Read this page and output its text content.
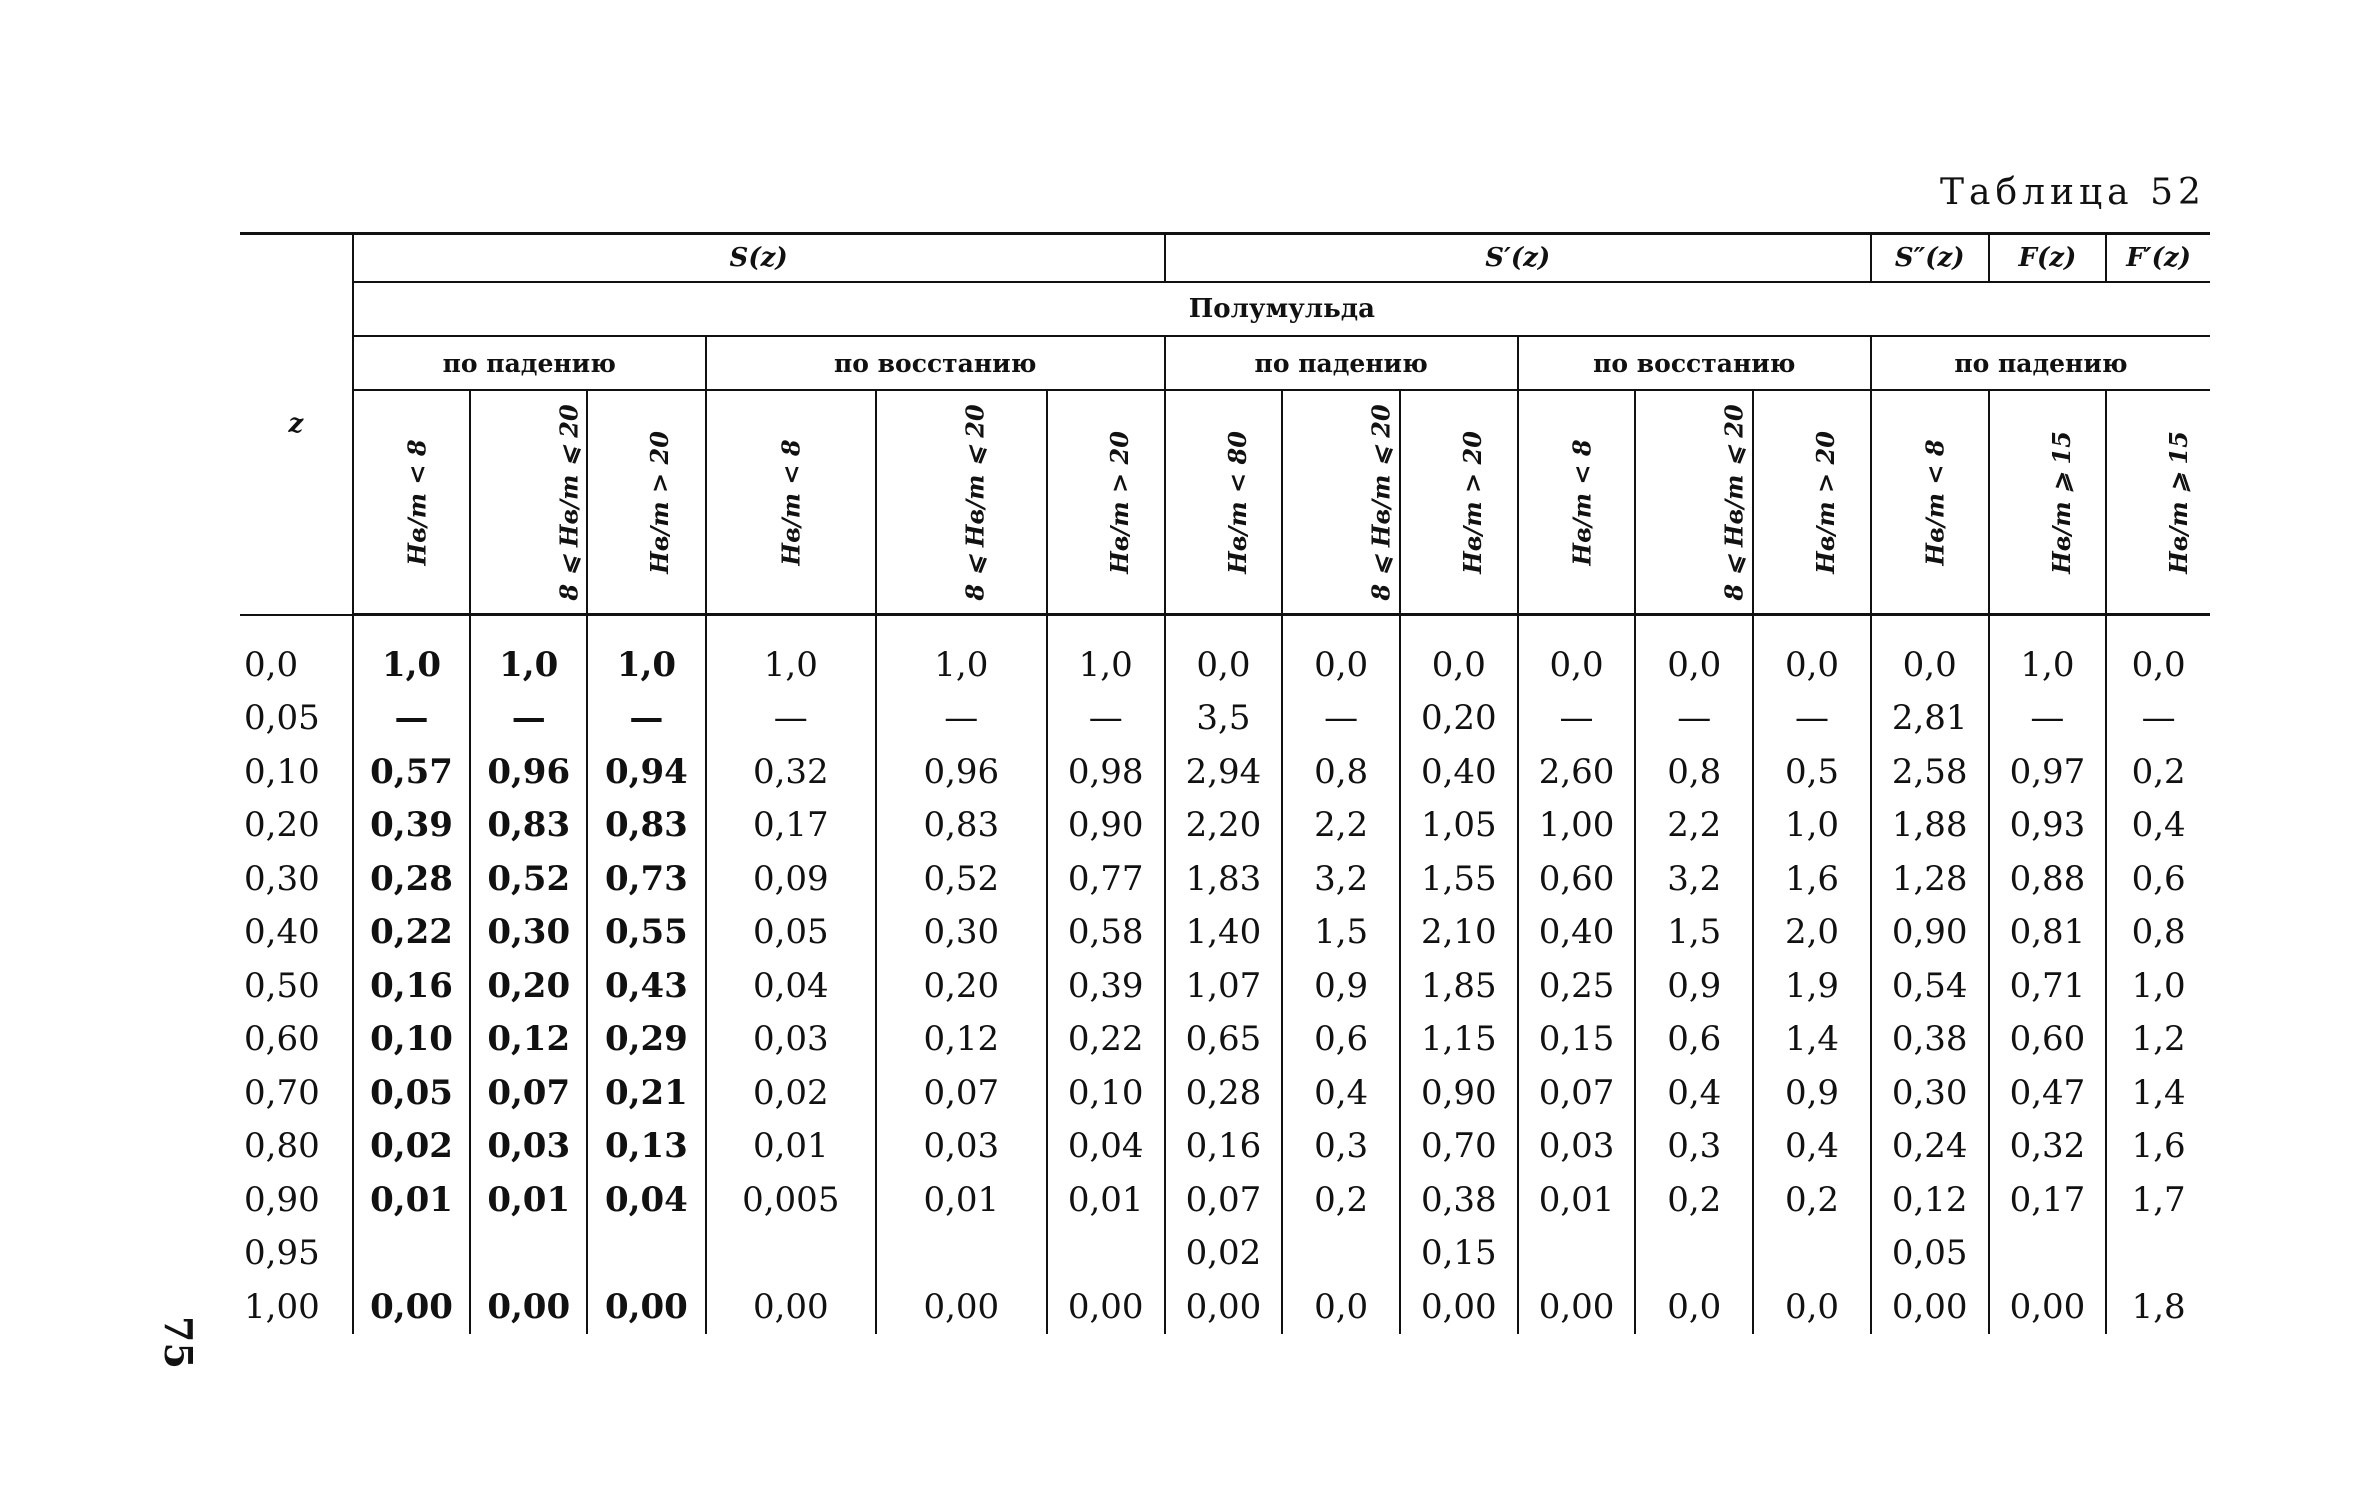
Таблица 52
z	S(z)						S′(z)						S″(z)	F(z)	F′(z)
	Полумульда														
	по падению			по восстанию			по падению			по восстанию			по падению		
	Hв/m < 8	8 ⩽ Hв/m ⩽ 20	Hв/m > 20	Hв/m < 8	8 ⩽ Hв/m ⩽ 20	Hв/m > 20	Hв/m < 80	8 ⩽ Hв/m ⩽ 20	Hв/m > 20	Hв/m < 8	8 ⩽ Hв/m ⩽ 20	Hв/m > 20	Hв/m < 8	Hв/m ⩾ 15	Hв/m ⩾ 15
0,0	1,0	1,0	1,0	1,0	1,0	1,0	0,0	0,0	0,0	0,0	0,0	0,0	0,0	1,0	0,0
0,05	—	—	—	—	—	—	3,5	—	0,20	—	—	—	2,81	—	—
0,10	0,57	0,96	0,94	0,32	0,96	0,98	2,94	0,8	0,40	2,60	0,8	0,5	2,58	0,97	0,2
0,20	0,39	0,83	0,83	0,17	0,83	0,90	2,20	2,2	1,05	1,00	2,2	1,0	1,88	0,93	0,4
0,30	0,28	0,52	0,73	0,09	0,52	0,77	1,83	3,2	1,55	0,60	3,2	1,6	1,28	0,88	0,6
0,40	0,22	0,30	0,55	0,05	0,30	0,58	1,40	1,5	2,10	0,40	1,5	2,0	0,90	0,81	0,8
0,50	0,16	0,20	0,43	0,04	0,20	0,39	1,07	0,9	1,85	0,25	0,9	1,9	0,54	0,71	1,0
0,60	0,10	0,12	0,29	0,03	0,12	0,22	0,65	0,6	1,15	0,15	0,6	1,4	0,38	0,60	1,2
0,70	0,05	0,07	0,21	0,02	0,07	0,10	0,28	0,4	0,90	0,07	0,4	0,9	0,30	0,47	1,4
0,80	0,02	0,03	0,13	0,01	0,03	0,04	0,16	0,3	0,70	0,03	0,3	0,4	0,24	0,32	1,6
0,90	0,01	0,01	0,04	0,005	0,01	0,01	0,07	0,2	0,38	0,01	0,2	0,2	0,12	0,17	1,7
0,95							0,02		0,15				0,05		
1,00	0,00	0,00	0,00	0,00	0,00	0,00	0,00	0,0	0,00	0,00	0,0	0,0	0,00	0,00	1,8
75
